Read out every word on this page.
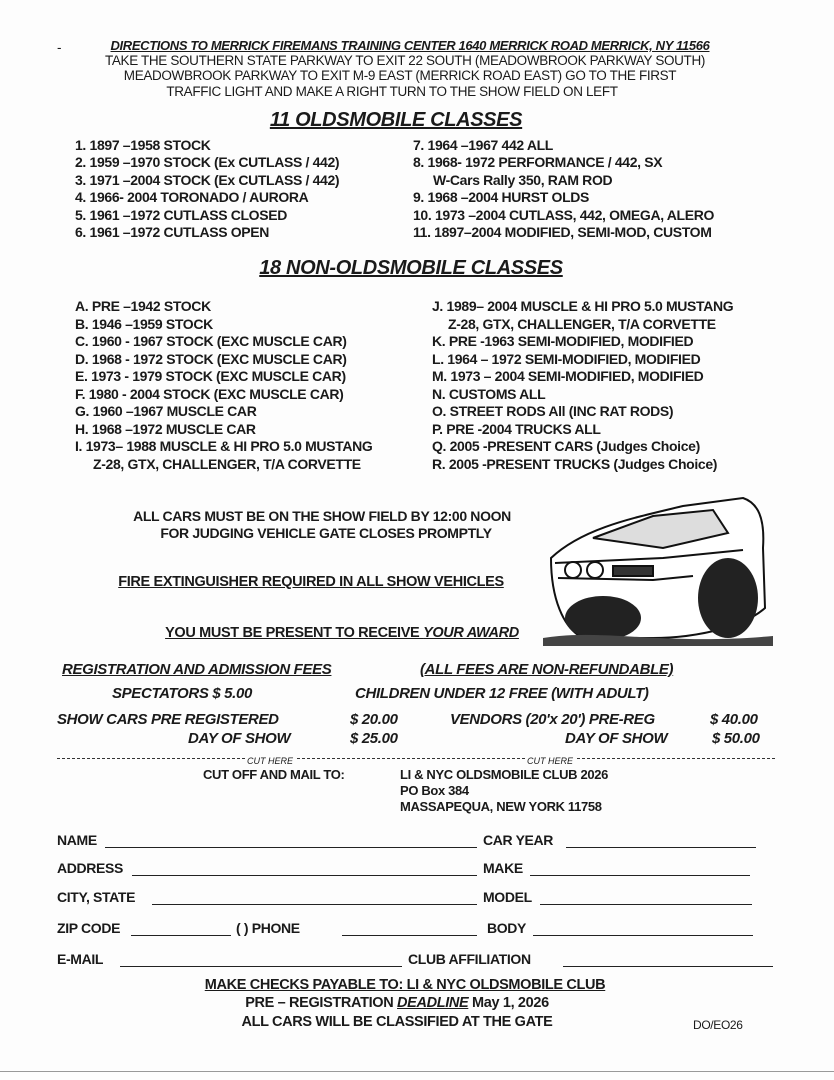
-	DIRECTIONS TO MERRICK FIREMANS TRAINING CENTER 1640 MERRICK ROAD MERRICK, NY 11566
TAKE THE SOUTHERN STATE PARKWAY TO EXIT 22 SOUTH (MEADOWBROOK PARKWAY SOUTH)
MEADOWBROOK PARKWAY TO EXIT M-9 EAST (MERRICK ROAD EAST) GO TO THE FIRST
TRAFFIC LIGHT AND MAKE A RIGHT TURN TO THE SHOW FIELD ON LEFT
11 OLDSMOBILE CLASSES
1. 1897 –1958 STOCK
2. 1959 –1970 STOCK (Ex CUTLASS / 442)
3. 1971 –2004 STOCK (Ex CUTLASS / 442)
4. 1966- 2004 TORONADO / AURORA
5. 1961 –1972 CUTLASS CLOSED
6. 1961 –1972 CUTLASS OPEN
7. 1964 –1967 442 ALL
8. 1968- 1972 PERFORMANCE / 442, SX
W-Cars Rally 350, RAM ROD
9. 1968 –2004 HURST OLDS
10. 1973 –2004 CUTLASS, 442, OMEGA, ALERO
11. 1897–2004 MODIFIED, SEMI-MOD, CUSTOM
18 NON-OLDSMOBILE CLASSES
A. PRE –1942 STOCK
B. 1946 –1959 STOCK
C. 1960 - 1967 STOCK (EXC MUSCLE CAR)
D. 1968 - 1972 STOCK (EXC MUSCLE CAR)
E. 1973 - 1979 STOCK (EXC MUSCLE CAR)
F. 1980 - 2004 STOCK (EXC MUSCLE CAR)
G. 1960 –1967 MUSCLE CAR
H. 1968 –1972 MUSCLE CAR
I. 1973– 1988 MUSCLE & HI PRO 5.0 MUSTANG
Z-28, GTX, CHALLENGER, T/A CORVETTE
J. 1989– 2004 MUSCLE & HI PRO 5.0 MUSTANG
Z-28, GTX, CHALLENGER, T/A CORVETTE
K. PRE -1963 SEMI-MODIFIED, MODIFIED
L. 1964 – 1972 SEMI-MODIFIED, MODIFIED
M. 1973 – 2004 SEMI-MODIFIED, MODIFIED
N. CUSTOMS ALL
O. STREET RODS All (INC RAT RODS)
P. PRE -2004 TRUCKS ALL
Q. 2005 -PRESENT CARS (Judges Choice)
R. 2005 -PRESENT TRUCKS (Judges Choice)
ALL CARS MUST BE ON THE SHOW FIELD BY 12:00 NOON
FOR JUDGING VEHICLE GATE CLOSES PROMPTLY
FIRE EXTINGUISHER REQUIRED IN ALL SHOW VEHICLES
YOU MUST BE PRESENT TO RECEIVE YOUR AWARD
REGISTRATION AND ADMISSION FEES	(ALL FEES ARE NON-REFUNDABLE)
SPECTATORS $ 5.00	CHILDREN UNDER 12 FREE (WITH ADULT)
SHOW CARS PRE REGISTERED	$ 20.00
DAY OF SHOW	$ 25.00
VENDORS (20'x 20') PRE-REG	$ 40.00
DAY OF SHOW	$ 50.00
CUT HERE	CUT HERE
CUT OFF AND MAIL TO:	LI & NYC OLDSMOBILE CLUB 2026
PO Box 384
MASSAPEQUA, NEW YORK 11758
NAME	CAR YEAR
ADDRESS	MAKE
CITY, STATE	MODEL
ZIP CODE	( ) PHONE	BODY
E-MAIL	CLUB AFFILIATION
MAKE CHECKS PAYABLE TO: LI & NYC OLDSMOBILE CLUB
PRE – REGISTRATION DEADLINE May 1, 2026
ALL CARS WILL BE CLASSIFIED AT THE GATE	DO/EO26
